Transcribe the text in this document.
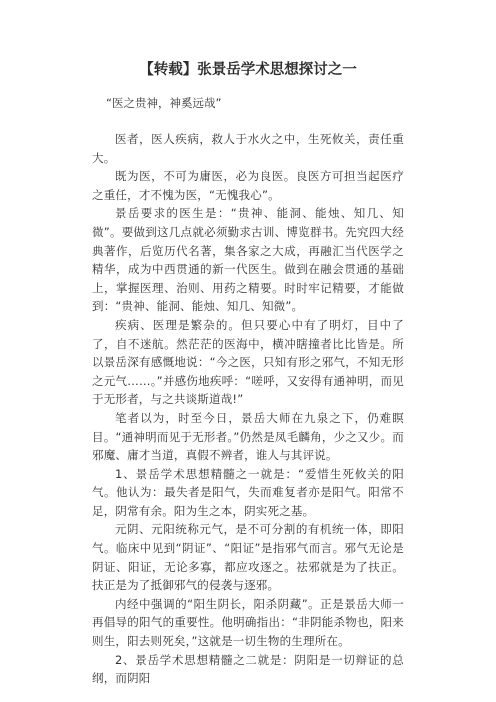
【转载】张景岳学术思想探讨之一
“医之贵神，神奚远哉”

医者，医人疾病，救人于水火之中，生死攸关，责任重大。

既为医，不可为庸医，必为良医。良医方可担当起医疗之重任，才不愧为医，“无愧我心”。

景岳要求的医生是：“贵神、能洞、能烛、知几、知微”。要做到这几点就必须勤求古训、博览群书。先究四大经典著作，后览历代名著，集各家之大成，再融汇当代医学之精华，成为中西贯通的新一代医生。做到在融会贯通的基础上，掌握医理、治则、用药之精要。时时牢记精要，才能做到：“贵神、能洞、能烛、知几、知微”。

疾病、医理是繁杂的。但只要心中有了明灯，目中了了，自不迷航。然茫茫的医海中，横冲瞎撞者比比皆是。所以景岳深有感慨地说：“今之医，只知有形之邪气，不知无形之元气……。”并感伤地疾呼：“嗟呼，又安得有通神明，而见于无形者，与之共谈斯道哉!”

笔者以为，时至今日，景岳大师在九泉之下，仍难瞑目。“通神明而见于无形者。”仍然是凤毛麟角，少之又少。而邪魔、庸才当道，真假不辨者，谁人与其评说。

1、景岳学术思想精髓之一就是：“爱惜生死攸关的阳气。他认为：最失者是阳气，失而难复者亦是阳气。阳常不足，阴常有余。阳为生之本，阴实死之基。

元阴、元阳统称元气，是不可分割的有机统一体，即阳气。临床中见到“阴证”、“阳证”是指邪气而言。邪气无论是阴证、阳证，无论多寡，都应攻逐之。祛邪就是为了扶正。扶正是为了抵御邪气的侵袭与逐邪。

内经中强调的“阳生阴长，阳杀阴藏”。正是景岳大师一再倡导的阳气的重要性。他明确指出：“非阴能杀物也，阳来则生，阳去则死矣，”这就是一切生物的生理所在。

2、景岳学术思想精髓之二就是：阴阳是一切辩证的总纲，而阴阳
